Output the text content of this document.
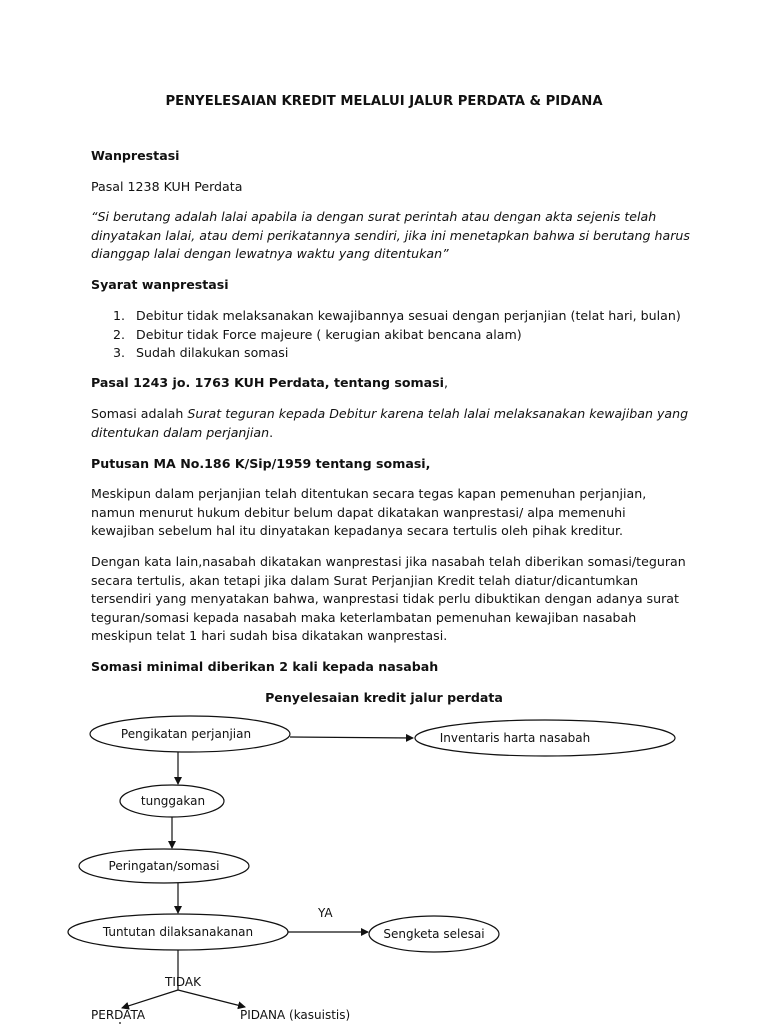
PENYELESAIAN KREDIT MELALUI JALUR PERDATA & PIDANA

Wanprestasi

Pasal 1238 KUH Perdata

“Si berutang adalah lalai apabila ia dengan surat perintah atau dengan akta sejenis telah dinyatakan lalai, atau demi perikatannya sendiri, jika ini menetapkan bahwa si berutang harus dianggap lalai dengan lewatnya waktu yang ditentukan”

Syarat wanprestasi

1. Debitur tidak melaksanakan kewajibannya sesuai dengan perjanjian (telat hari, bulan)
2. Debitur tidak Force majeure ( kerugian akibat bencana alam)
3. Sudah dilakukan somasi

Pasal 1243 jo. 1763 KUH Perdata, tentang somasi,

Somasi adalah Surat teguran kepada Debitur karena telah lalai melaksanakan kewajiban yang ditentukan dalam perjanjian.

Putusan MA No.186 K/Sip/1959 tentang somasi,

Meskipun dalam perjanjian telah ditentukan secara tegas kapan pemenuhan perjanjian, namun menurut hukum debitur belum dapat dikatakan wanprestasi/ alpa memenuhi kewajiban sebelum hal itu dinyatakan kepadanya secara tertulis oleh pihak kreditur.

Dengan kata lain,nasabah dikatakan wanprestasi jika nasabah telah diberikan somasi/teguran secara tertulis, akan tetapi jika dalam Surat Perjanjian Kredit telah diatur/dicantumkan tersendiri yang menyatakan bahwa, wanprestasi tidak perlu dibuktikan dengan adanya surat teguran/somasi kepada nasabah maka keterlambatan pemenuhan kewajiban nasabah meskipun telat 1 hari sudah bisa dikatakan wanprestasi.

Somasi minimal diberikan 2 kali kepada nasabah

Penyelesaian kredit jalur perdata

Pengikatan perjanjian	Inventaris harta nasabah
tunggakan
Peringatan/somasi
Tuntutan dilaksanakanan	Sengketa selesai
YA
TIDAK
PERDATA	PIDANA (kasuistis)
